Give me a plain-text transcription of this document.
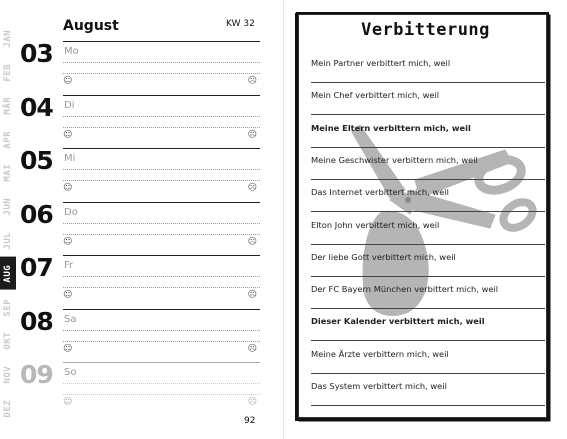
JAN
FEB
MÄR
APR
MAI
JUN
JUL
AUG
SEP
OKT
NOV
DEZ
August	KW 32
03 Mo
☺	☹
04 Di
☺	☹
05 Mi
☺	☹
06 Do
☺	☹
07 Fr
☺	☹
08 Sa
☺	☹
09 So
☺	☹
92
Verbitterung
Mein Partner verbittert mich, weil
Mein Chef verbittert mich, weil
Meine Eltern verbittern mich, weil
Meine Geschwister verbittern mich, weil
Das Internet verbittert mich, weil
Elton John verbittert mich, weil
Der liebe Gott verbittert mich, weil
Der FC Bayern München verbittert mich, weil
Dieser Kalender verbittert mich, weil
Meine Ärzte verbittern mich, weil
Das System verbittert mich, weil
